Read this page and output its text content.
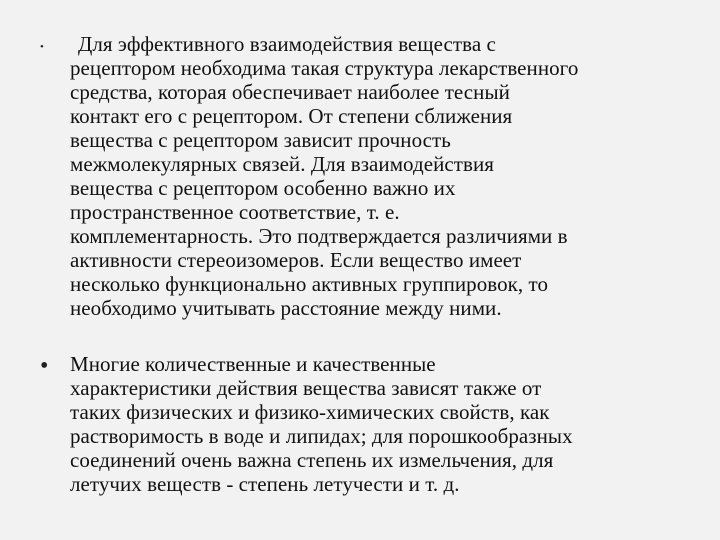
•	Для эффективного взаимодействия вещества с
рецептором необходима такая структура лекарственного
средства, которая обеспечивает наиболее тесный
контакт его с рецептором. От степени сближения
вещества с рецептором зависит прочность
межмолекулярных связей. Для взаимодействия
вещества с рецептором особенно важно их
пространственное соответствие, т. е.
комплементарность. Это подтверждается различиями в
активности стереоизомеров. Если вещество имеет
несколько функционально активных группировок, то
необходимо учитывать расстояние между ними.
• Многие количественные и качественные
характеристики действия вещества зависят также от
таких физических и физико-химических свойств, как
растворимость в воде и липидах; для порошкообразных
соединений очень важна степень их измельчения, для
летучих веществ - степень летучести и т. д.
